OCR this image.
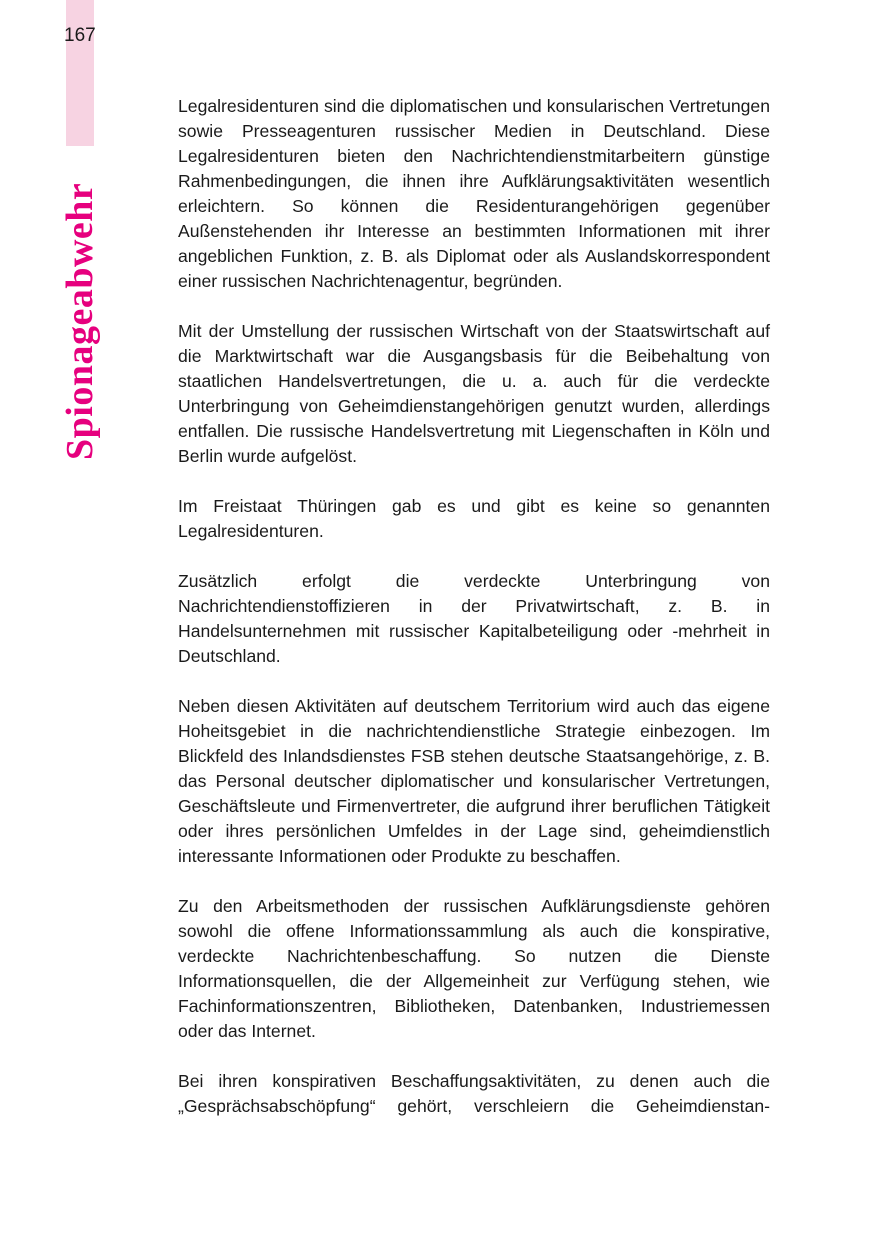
167
Spionageabwehr

Legalresidenturen sind die diplomatischen und konsularischen Vertretungen sowie Presseagenturen russischer Medien in Deutschland. Diese Legalresidenturen bieten den Nachrichtendienstmitarbeitern günstige Rahmenbedingungen, die ihnen ihre Aufklärungsaktivitäten wesentlich erleichtern. So können die Residenturangehörigen gegenüber Außenstehenden ihr Interesse an bestimmten Informationen mit ihrer angeblichen Funktion, z. B. als Diplomat oder als Auslandskorrespondent einer russischen Nachrichtenagentur, begründen.

Mit der Umstellung der russischen Wirtschaft von der Staatswirtschaft auf die Marktwirtschaft war die Ausgangsbasis für die Beibehaltung von staatlichen Handelsvertretungen, die u. a. auch für die verdeckte Unterbringung von Geheimdienstangehörigen genutzt wurden, allerdings entfallen. Die russische Handelsvertretung mit Liegenschaften in Köln und Berlin wurde aufgelöst.

Im Freistaat Thüringen gab es und gibt es keine so genannten Legalresidenturen.

Zusätzlich erfolgt die verdeckte Unterbringung von Nachrichtendienstoffizieren in der Privatwirtschaft, z. B. in Handelsunternehmen mit russischer Kapitalbeteiligung oder -mehrheit in Deutschland.

Neben diesen Aktivitäten auf deutschem Territorium wird auch das eigene Hoheitsgebiet in die nachrichtendienstliche Strategie einbezogen. Im Blickfeld des Inlandsdienstes FSB stehen deutsche Staatsangehörige, z. B. das Personal deutscher diplomatischer und konsularischer Vertretungen, Geschäftsleute und Firmenvertreter, die aufgrund ihrer beruflichen Tätigkeit oder ihres persönlichen Umfeldes in der Lage sind, geheimdienstlich interessante Informationen oder Produkte zu beschaffen.

Zu den Arbeitsmethoden der russischen Aufklärungsdienste gehören sowohl die offene Informationssammlung als auch die konspirative, verdeckte Nachrichtenbeschaffung. So nutzen die Dienste Informationsquellen, die der Allgemeinheit zur Verfügung stehen, wie Fachinformationszentren, Bibliotheken, Datenbanken, Industriemessen oder das Internet.

Bei ihren konspirativen Beschaffungsaktivitäten, zu denen auch die „Gesprächsabschöpfung“ gehört, verschleiern die Geheimdienstan-
